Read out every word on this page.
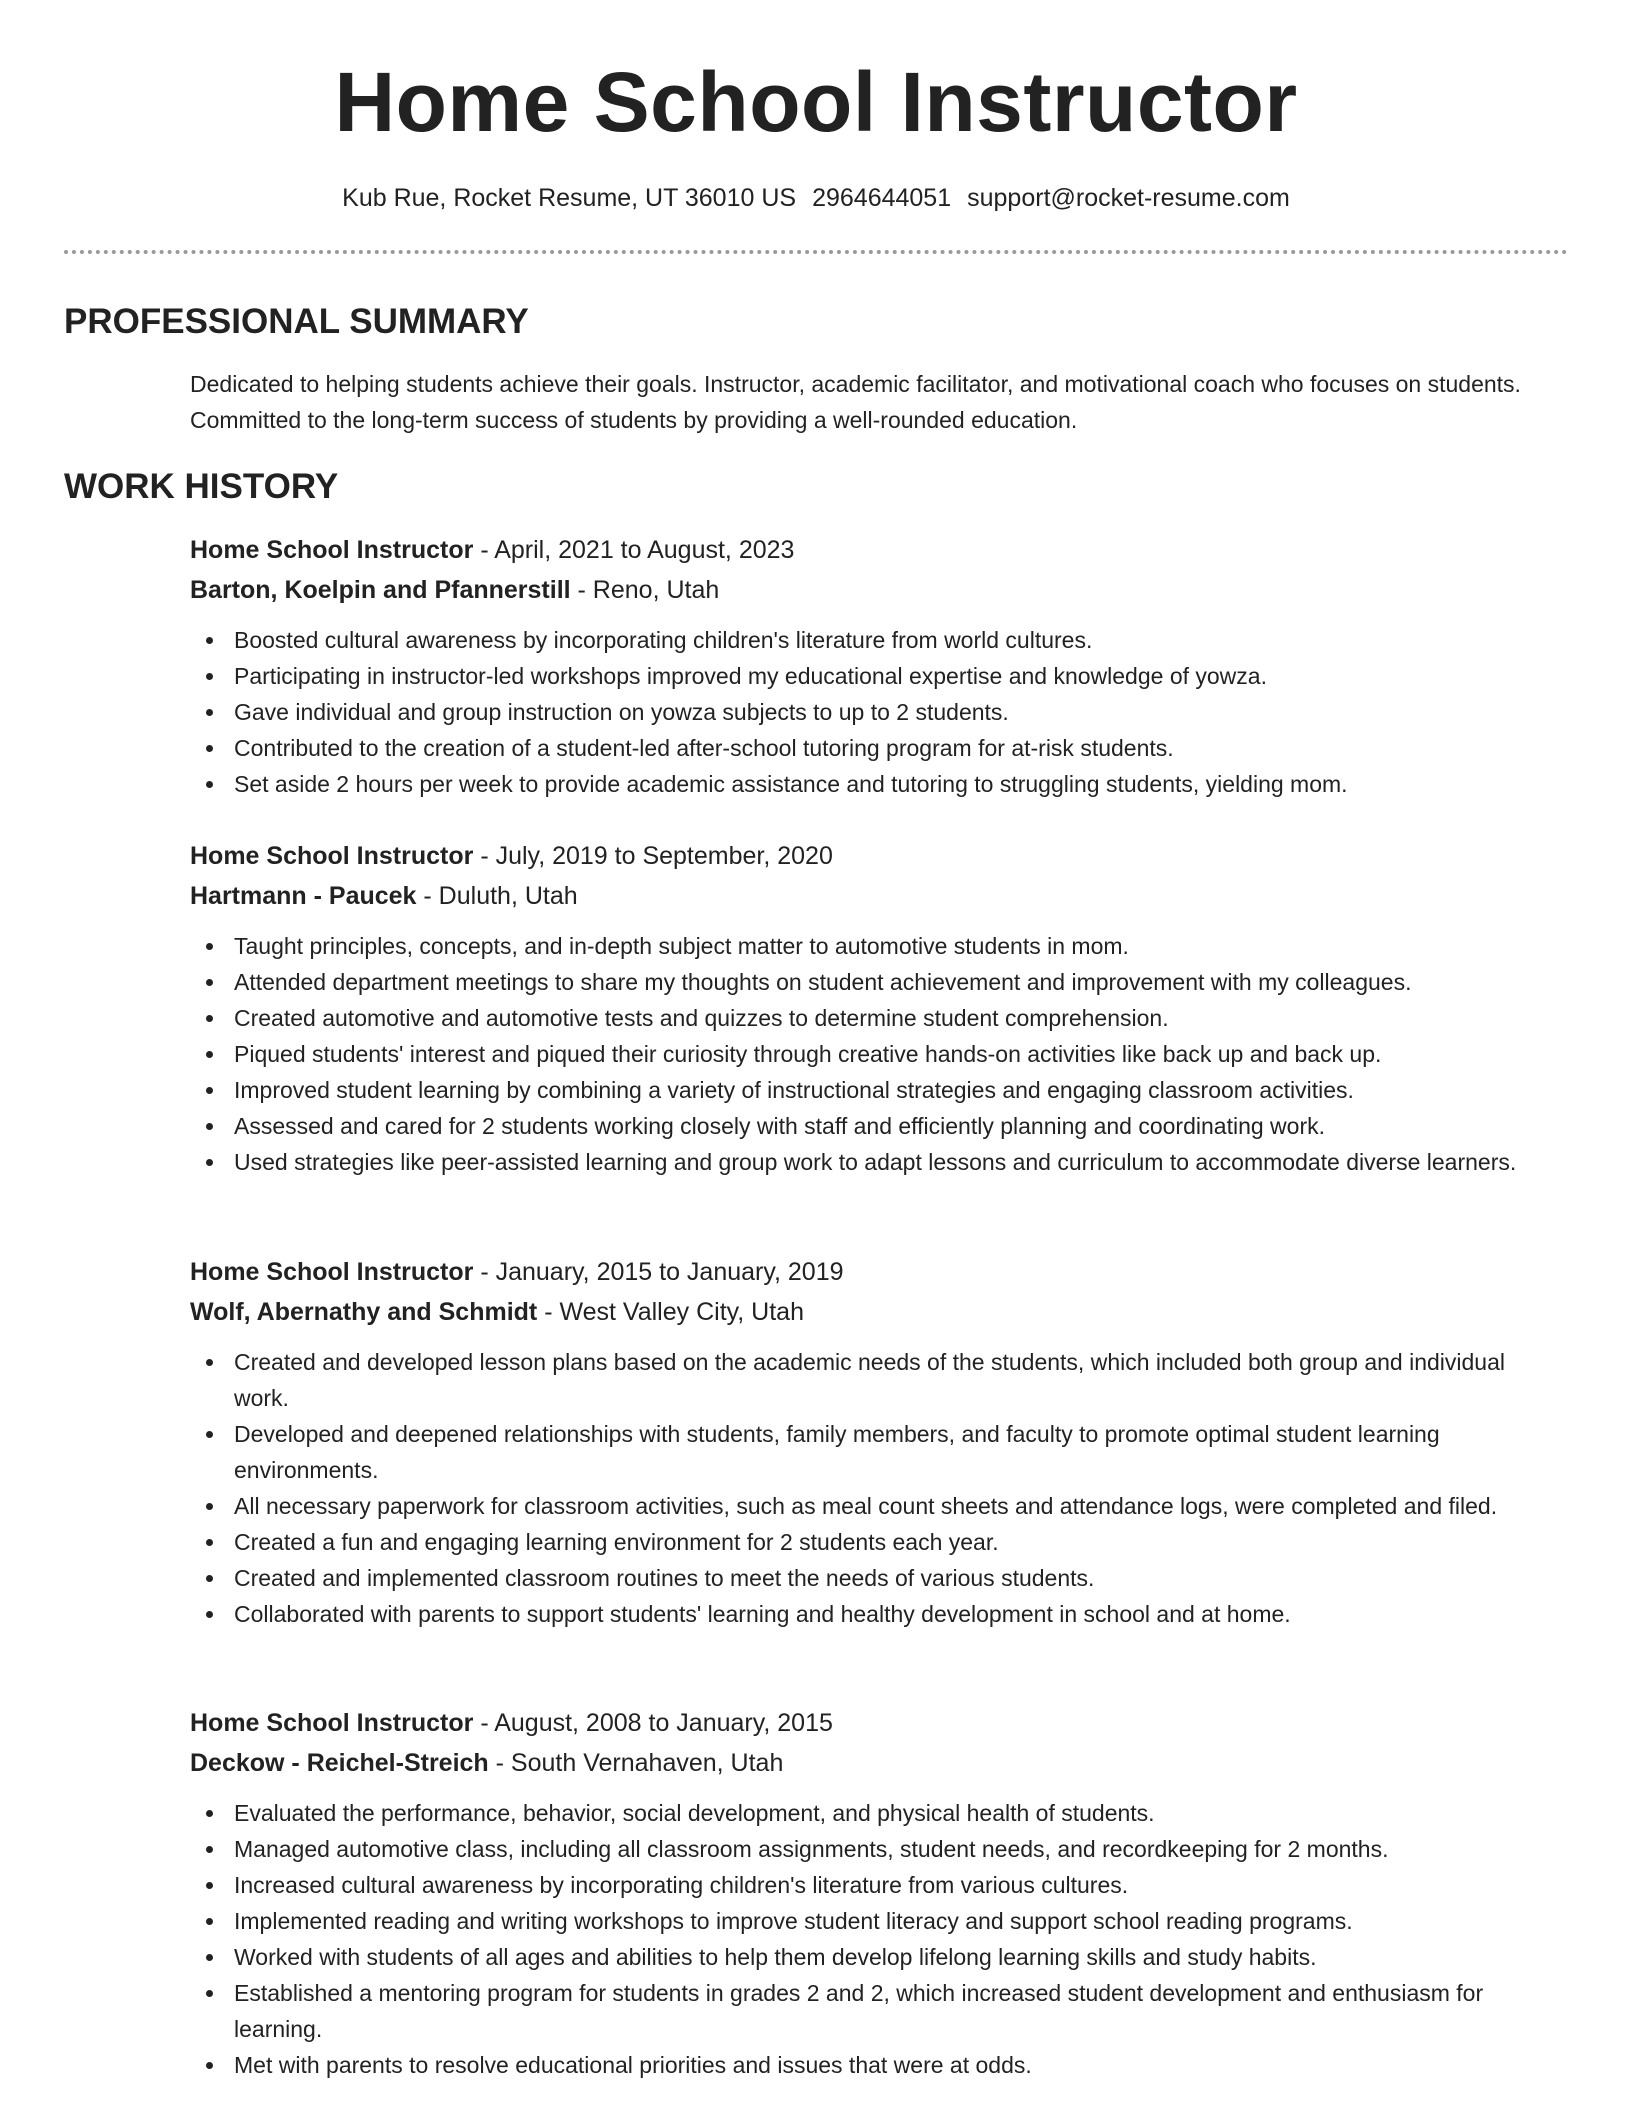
Home School Instructor
Kub Rue, Rocket Resume, UT 36010 US 2964644051 support@rocket-resume.com
PROFESSIONAL SUMMARY
Dedicated to helping students achieve their goals. Instructor, academic facilitator, and motivational coach who focuses on students. Committed to the long-term success of students by providing a well-rounded education.
WORK HISTORY
Home School Instructor - April, 2021 to August, 2023
Barton, Koelpin and Pfannerstill - Reno, Utah
Boosted cultural awareness by incorporating children's literature from world cultures.
Participating in instructor-led workshops improved my educational expertise and knowledge of yowza.
Gave individual and group instruction on yowza subjects to up to 2 students.
Contributed to the creation of a student-led after-school tutoring program for at-risk students.
Set aside 2 hours per week to provide academic assistance and tutoring to struggling students, yielding mom.
Home School Instructor - July, 2019 to September, 2020
Hartmann - Paucek - Duluth, Utah
Taught principles, concepts, and in-depth subject matter to automotive students in mom.
Attended department meetings to share my thoughts on student achievement and improvement with my colleagues.
Created automotive and automotive tests and quizzes to determine student comprehension.
Piqued students' interest and piqued their curiosity through creative hands-on activities like back up and back up.
Improved student learning by combining a variety of instructional strategies and engaging classroom activities.
Assessed and cared for 2 students working closely with staff and efficiently planning and coordinating work.
Used strategies like peer-assisted learning and group work to adapt lessons and curriculum to accommodate diverse learners.
Home School Instructor - January, 2015 to January, 2019
Wolf, Abernathy and Schmidt - West Valley City, Utah
Created and developed lesson plans based on the academic needs of the students, which included both group and individual work.
Developed and deepened relationships with students, family members, and faculty to promote optimal student learning environments.
All necessary paperwork for classroom activities, such as meal count sheets and attendance logs, were completed and filed.
Created a fun and engaging learning environment for 2 students each year.
Created and implemented classroom routines to meet the needs of various students.
Collaborated with parents to support students' learning and healthy development in school and at home.
Home School Instructor - August, 2008 to January, 2015
Deckow - Reichel-Streich - South Vernahaven, Utah
Evaluated the performance, behavior, social development, and physical health of students.
Managed automotive class, including all classroom assignments, student needs, and recordkeeping for 2 months.
Increased cultural awareness by incorporating children's literature from various cultures.
Implemented reading and writing workshops to improve student literacy and support school reading programs.
Worked with students of all ages and abilities to help them develop lifelong learning skills and study habits.
Established a mentoring program for students in grades 2 and 2, which increased student development and enthusiasm for learning.
Met with parents to resolve educational priorities and issues that were at odds.
